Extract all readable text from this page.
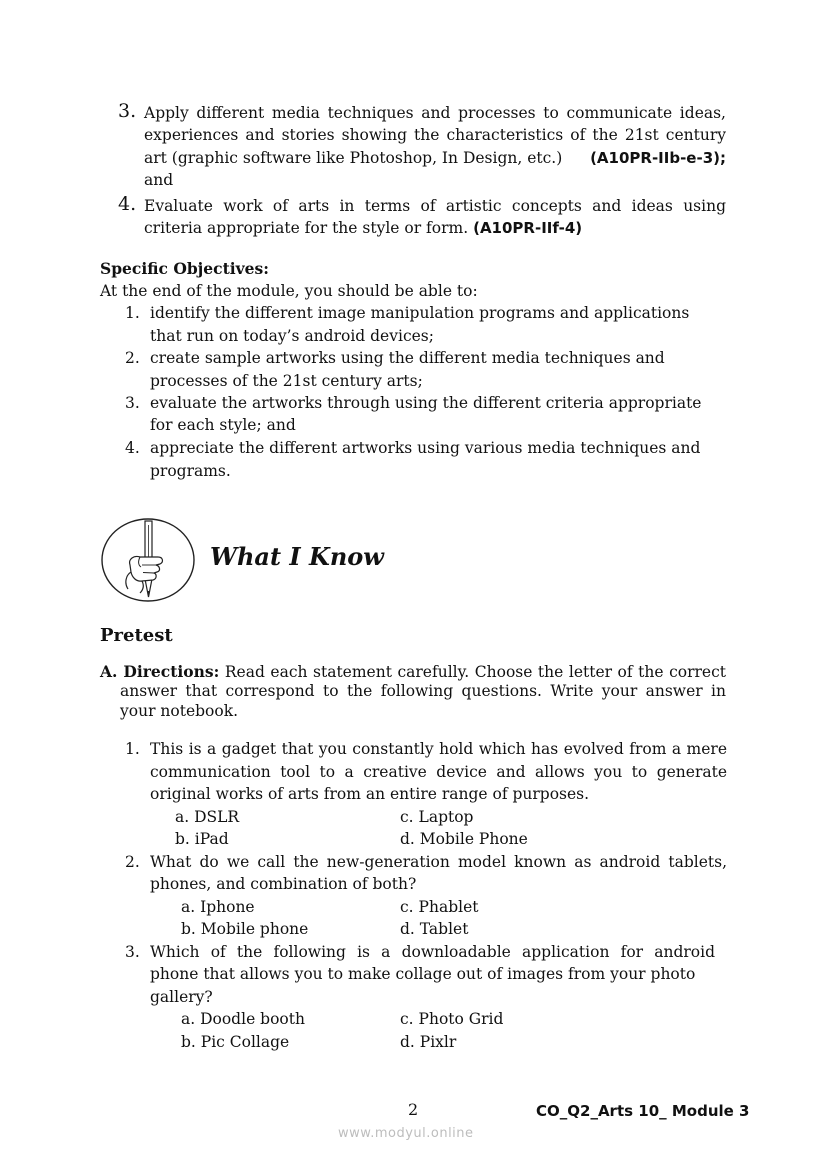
3. Apply different media techniques and processes to communicate ideas,
experiences and stories showing the characteristics of the 21st century
art (graphic software like Photoshop, In Design, etc.) (A10PR-IIb-e-3);
and
4. Evaluate work of arts in terms of artistic concepts and ideas using
criteria appropriate for the style or form. (A10PR-IIf-4)
Specific Objectives:
At the end of the module, you should be able to:
1. identify the different image manipulation programs and applications
that run on today’s android devices;
2. create sample artworks using the different media techniques and
processes of the 21st century arts;
3. evaluate the artworks through using the different criteria appropriate
for each style; and
4. appreciate the different artworks using various media techniques and
programs.
What I Know
Pretest
A. Directions: Read each statement carefully. Choose the letter of the correct
answer that correspond to the following questions. Write your answer in
your notebook.
1. This is a gadget that you constantly hold which has evolved from a mere
communication tool to a creative device and allows you to generate
original works of arts from an entire range of purposes.
a. DSLR	c. Laptop
b. iPad	d. Mobile Phone
2. What do we call the new-generation model known as android tablets,
phones, and combination of both?
a. Iphone	c. Phablet
b. Mobile phone	d. Tablet
3. Which of the following is a downloadable application for android
phone that allows you to make collage out of images from your photo
gallery?
a. Doodle booth	c. Photo Grid
b. Pic Collage	d. Pixlr
2	CO_Q2_Arts 10_ Module 3
www.modyul.online
